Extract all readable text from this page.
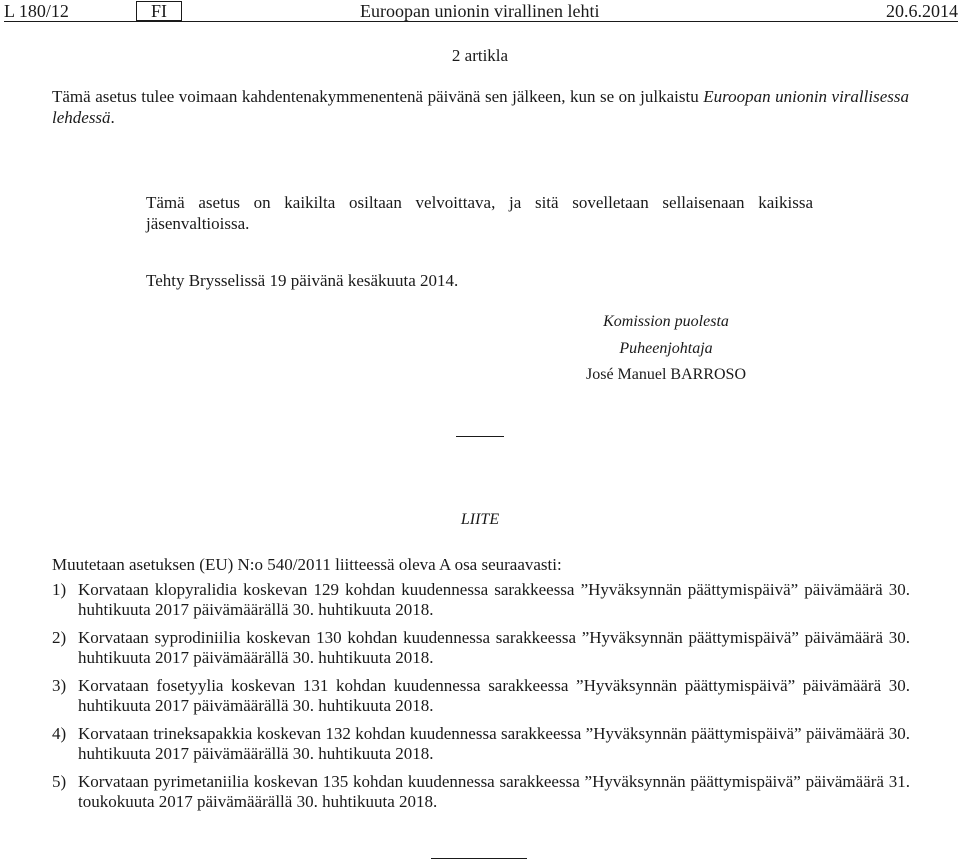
L 180/12	FI	Euroopan unionin virallinen lehti	20.6.2014
2 artikla
Tämä asetus tulee voimaan kahdentenakymmenentenä päivänä sen jälkeen, kun se on julkaistu Euroopan unionin virallisessa lehdessä.
Tämä asetus on kaikilta osiltaan velvoittava, ja sitä sovelletaan sellaisenaan kaikissa jäsenvaltioissa.
Tehty Brysselissä 19 päivänä kesäkuuta 2014.
Komission puolesta
Puheenjohtaja
José Manuel BARROSO
LIITE
Muutetaan asetuksen (EU) N:o 540/2011 liitteessä oleva A osa seuraavasti:
1) Korvataan klopyralidia koskevan 129 kohdan kuudennessa sarakkeessa ”Hyväksynnän päättymispäivä” päivämäärä 30. huhtikuuta 2017 päivämäärällä 30. huhtikuuta 2018.
2) Korvataan syprodiniilia koskevan 130 kohdan kuudennessa sarakkeessa ”Hyväksynnän päättymispäivä” päivämäärä 30. huhtikuuta 2017 päivämäärällä 30. huhtikuuta 2018.
3) Korvataan fosetyylia koskevan 131 kohdan kuudennessa sarakkeessa ”Hyväksynnän päättymispäivä” päivämäärä 30. huhtikuuta 2017 päivämäärällä 30. huhtikuuta 2018.
4) Korvataan trineksapakkia koskevan 132 kohdan kuudennessa sarakkeessa ”Hyväksynnän päättymispäivä” päivämäärä 30. huhtikuuta 2017 päivämäärällä 30. huhtikuuta 2018.
5) Korvataan pyrimetaniilia koskevan 135 kohdan kuudennessa sarakkeessa ”Hyväksynnän päättymispäivä” päivämäärä 31. toukokuuta 2017 päivämäärällä 30. huhtikuuta 2018.
